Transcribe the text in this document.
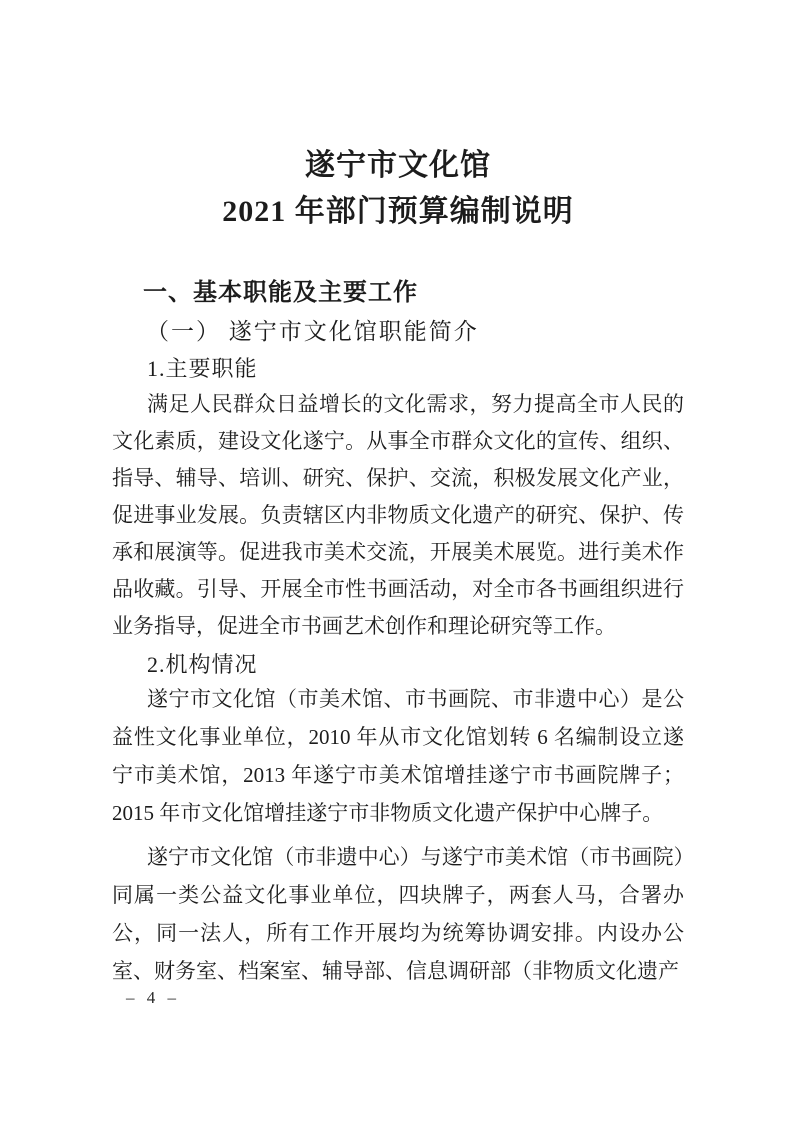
遂宁市文化馆
2021 年部门预算编制说明
一、基本职能及主要工作
（一） 遂宁市文化馆职能简介
1.主要职能

满足人民群众日益增长的文化需求，努力提高全市人民的文化素质，建设文化遂宁。从事全市群众文化的宣传、组织、指导、辅导、培训、研究、保护、交流，积极发展文化产业，促进事业发展。负责辖区内非物质文化遗产的研究、保护、传承和展演等。促进我市美术交流，开展美术展览。进行美术作品收藏。引导、开展全市性书画活动，对全市各书画组织进行业务指导，促进全市书画艺术创作和理论研究等工作。

2.机构情况

遂宁市文化馆（市美术馆、市书画院、市非遗中心）是公益性文化事业单位，2010 年从市文化馆划转 6 名编制设立遂宁市美术馆，2013 年遂宁市美术馆增挂遂宁市书画院牌子；2015 年市文化馆增挂遂宁市非物质文化遗产保护中心牌子。

遂宁市文化馆（市非遗中心）与遂宁市美术馆（市书画院）同属一类公益文化事业单位，四块牌子，两套人马，合署办公，同一法人，所有工作开展均为统筹协调安排。内设办公室、财务室、档案室、辅导部、信息调研部（非物质文化遗产

– 4 –
